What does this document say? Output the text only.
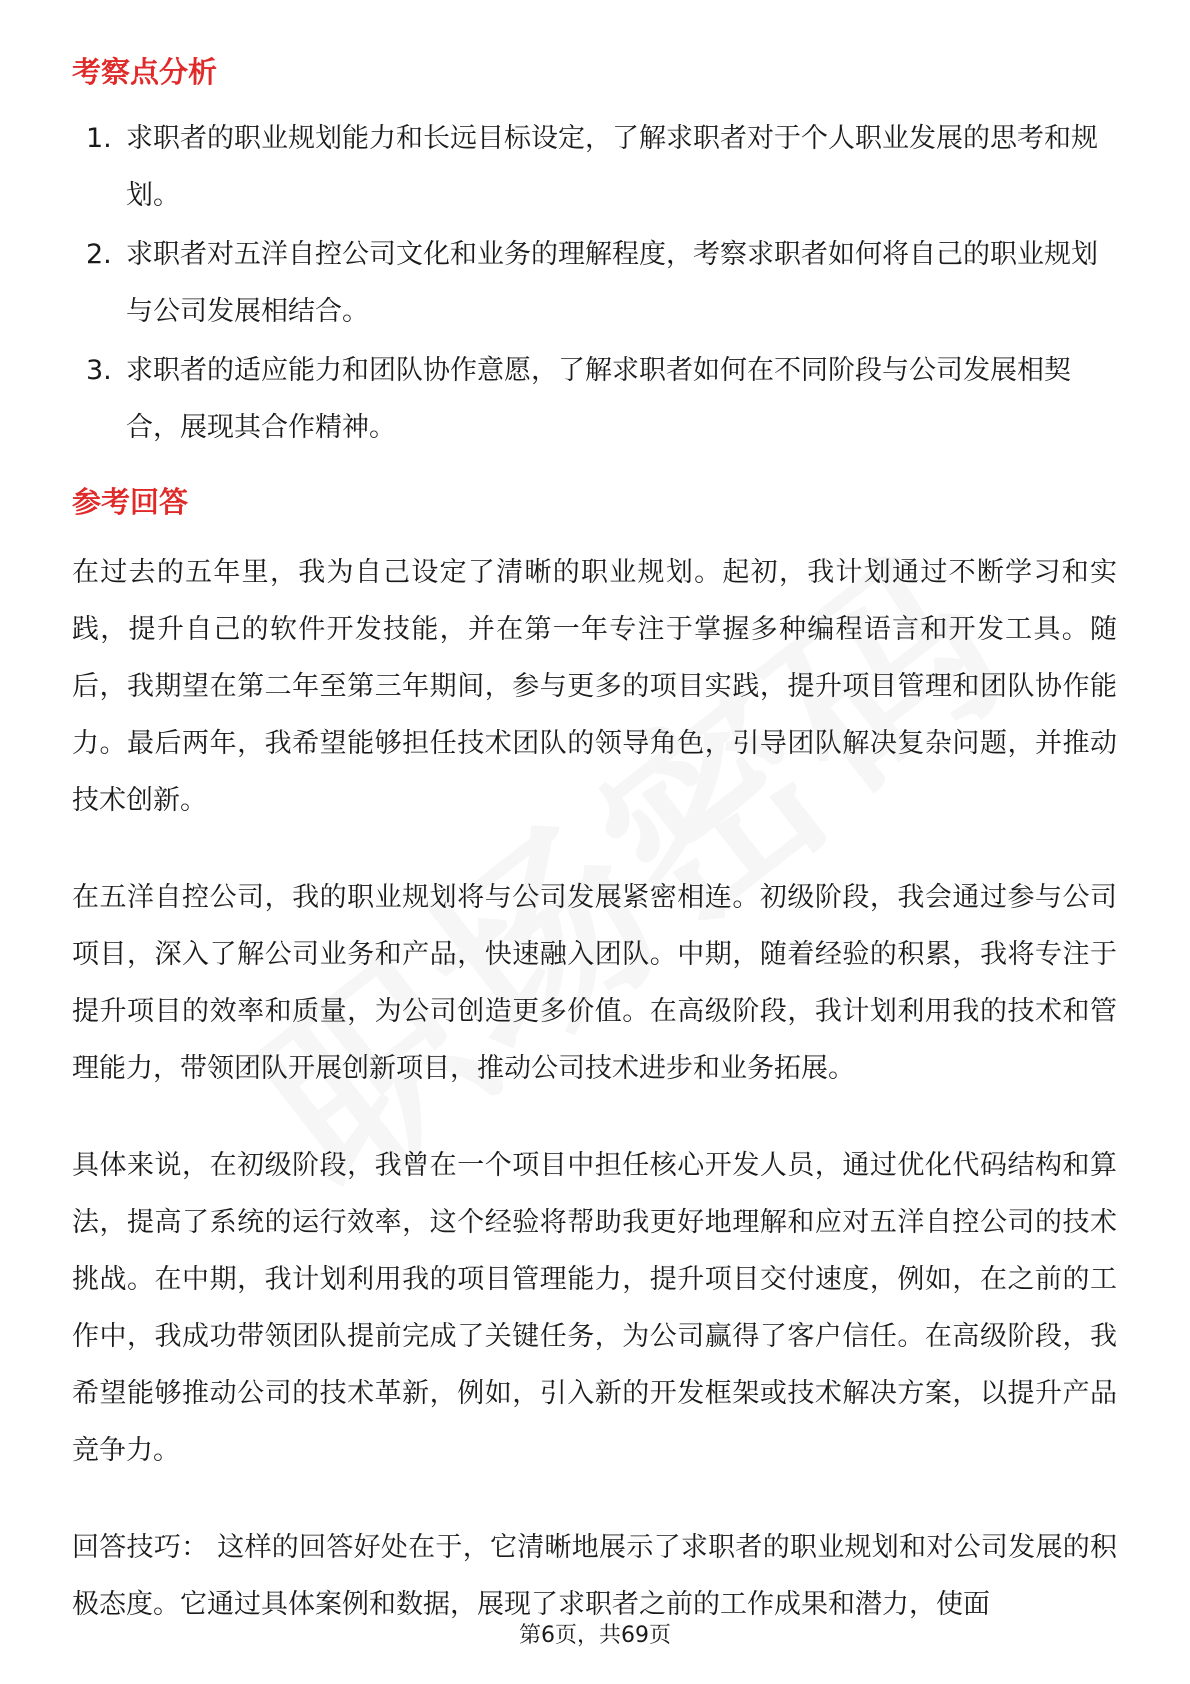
考察点分析
1. 求职者的职业规划能力和长远目标设定，了解求职者对于个人职业发展的思考和规划。
2. 求职者对五洋自控公司文化和业务的理解程度，考察求职者如何将自己的职业规划与公司发展相结合。
3. 求职者的适应能力和团队协作意愿，了解求职者如何在不同阶段与公司发展相契合，展现其合作精神。
参考回答

在过去的五年里，我为自己设定了清晰的职业规划。起初，我计划通过不断学习和实践，提升自己的软件开发技能，并在第一年专注于掌握多种编程语言和开发工具。随后，我期望在第二年至第三年期间，参与更多的项目实践，提升项目管理和团队协作能力。最后两年，我希望能够担任技术团队的领导角色，引导团队解决复杂问题，并推动技术创新。

在五洋自控公司，我的职业规划将与公司发展紧密相连。初级阶段，我会通过参与公司项目，深入了解公司业务和产品，快速融入团队。中期，随着经验的积累，我将专注于提升项目的效率和质量，为公司创造更多价值。在高级阶段，我计划利用我的技术和管理能力，带领团队开展创新项目，推动公司技术进步和业务拓展。

具体来说，在初级阶段，我曾在一个项目中担任核心开发人员，通过优化代码结构和算法，提高了系统的运行效率，这个经验将帮助我更好地理解和应对五洋自控公司的技术挑战。在中期，我计划利用我的项目管理能力，提升项目交付速度，例如，在之前的工作中，我成功带领团队提前完成了关键任务，为公司赢得了客户信任。在高级阶段，我希望能够推动公司的技术革新，例如，引入新的开发框架或技术解决方案，以提升产品竞争力。

回答技巧： 这样的回答好处在于，它清晰地展示了求职者的职业规划和对公司发展的积极态度。它通过具体案例和数据，展现了求职者之前的工作成果和潜力，使面

第6页，共69页
